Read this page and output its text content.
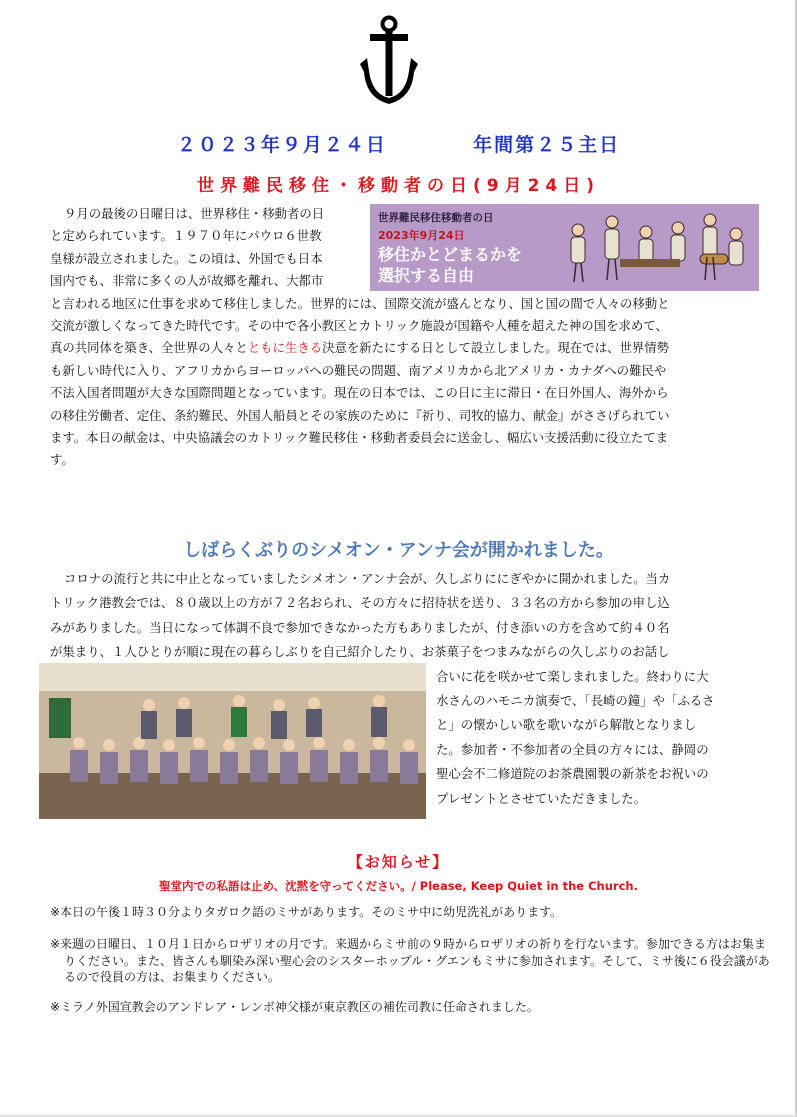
２０２３年９月２４日	年間第２５主日
世界難民移住・移動者の日(9月24日)
９月の最後の日曜日は、世界移住・移動者の日
と定められています。１９７０年にパウロ６世教
皇様が設立されました。この頃は、外国でも日本
国内でも、非常に多くの人が故郷を離れ、大都市
世界難民移住移動者の日
2023年9月24日
移住かとどまるかを
選択する自由
と言われる地区に仕事を求めて移住しました。世界的には、国際交流が盛んとなり、国と国の間で人々の移動と
交流が激しくなってきた時代です。その中で各小教区とカトリック施設が国籍や人種を超えた神の国を求めて、
真の共同体を築き、全世界の人々とともに生きる決意を新たにする日として設立しました。現在では、世界情勢
も新しい時代に入り、アフリカからヨーロッパへの難民の問題、南アメリカから北アメリカ・カナダへの難民や
不法入国者問題が大きな国際問題となっています。現在の日本では、この日に主に滞日・在日外国人、海外から
の移住労働者、定住、条約難民、外国人船員とその家族のために『祈り、司牧的協力、献金』がささげられてい
ます。本日の献金は、中央協議会のカトリック難民移住・移動者委員会に送金し、幅広い支援活動に役立たてま
す。
しばらくぶりのシメオン・アンナ会が開かれました。
コロナの流行と共に中止となっていましたシメオン・アンナ会が、久しぶりににぎやかに開かれました。当カ
トリック港教会では、８０歳以上の方が７２名おられ、その方々に招待状を送り、３３名の方から参加の申し込
みがありました。当日になって体調不良で参加できなかった方もありましたが、付き添いの方を含めて約４０名
が集まり、１人ひとりが順に現在の暮らしぶりを自己紹介したり、お茶菓子をつまみながらの久しぶりのお話し
合いに花を咲かせて楽しまれました。終わりに大
水さんのハモニカ演奏で、「長崎の鐘」や「ふるさ
と」の懐かしい歌を歌いながら解散となりまし
た。参加者・不参加者の全員の方々には、静岡の
聖心会不二修道院のお茶農園製の新茶をお祝いの
プレゼントとさせていただきました。
【お知らせ】
聖堂内での私語は止め、沈黙を守ってください。/ Please, Keep Quiet in the Church.

※本日の午後１時３０分よりタガロク語のミサがあります。そのミサ中に幼児洗礼があります。

※来週の日曜日、１０月１日からロザリオの月です。来週からミサ前の９時からロザリオの祈りを行ないます。参加できる方はお集まりください。また、皆さんも馴染み深い聖心会のシスターホップル・グエンもミサに参加されます。そして、ミサ後に６役会議があるので役員の方は、お集まりください。

※ミラノ外国宣教会のアンドレア・レンボ神父様が東京教区の補佐司教に任命されました。
